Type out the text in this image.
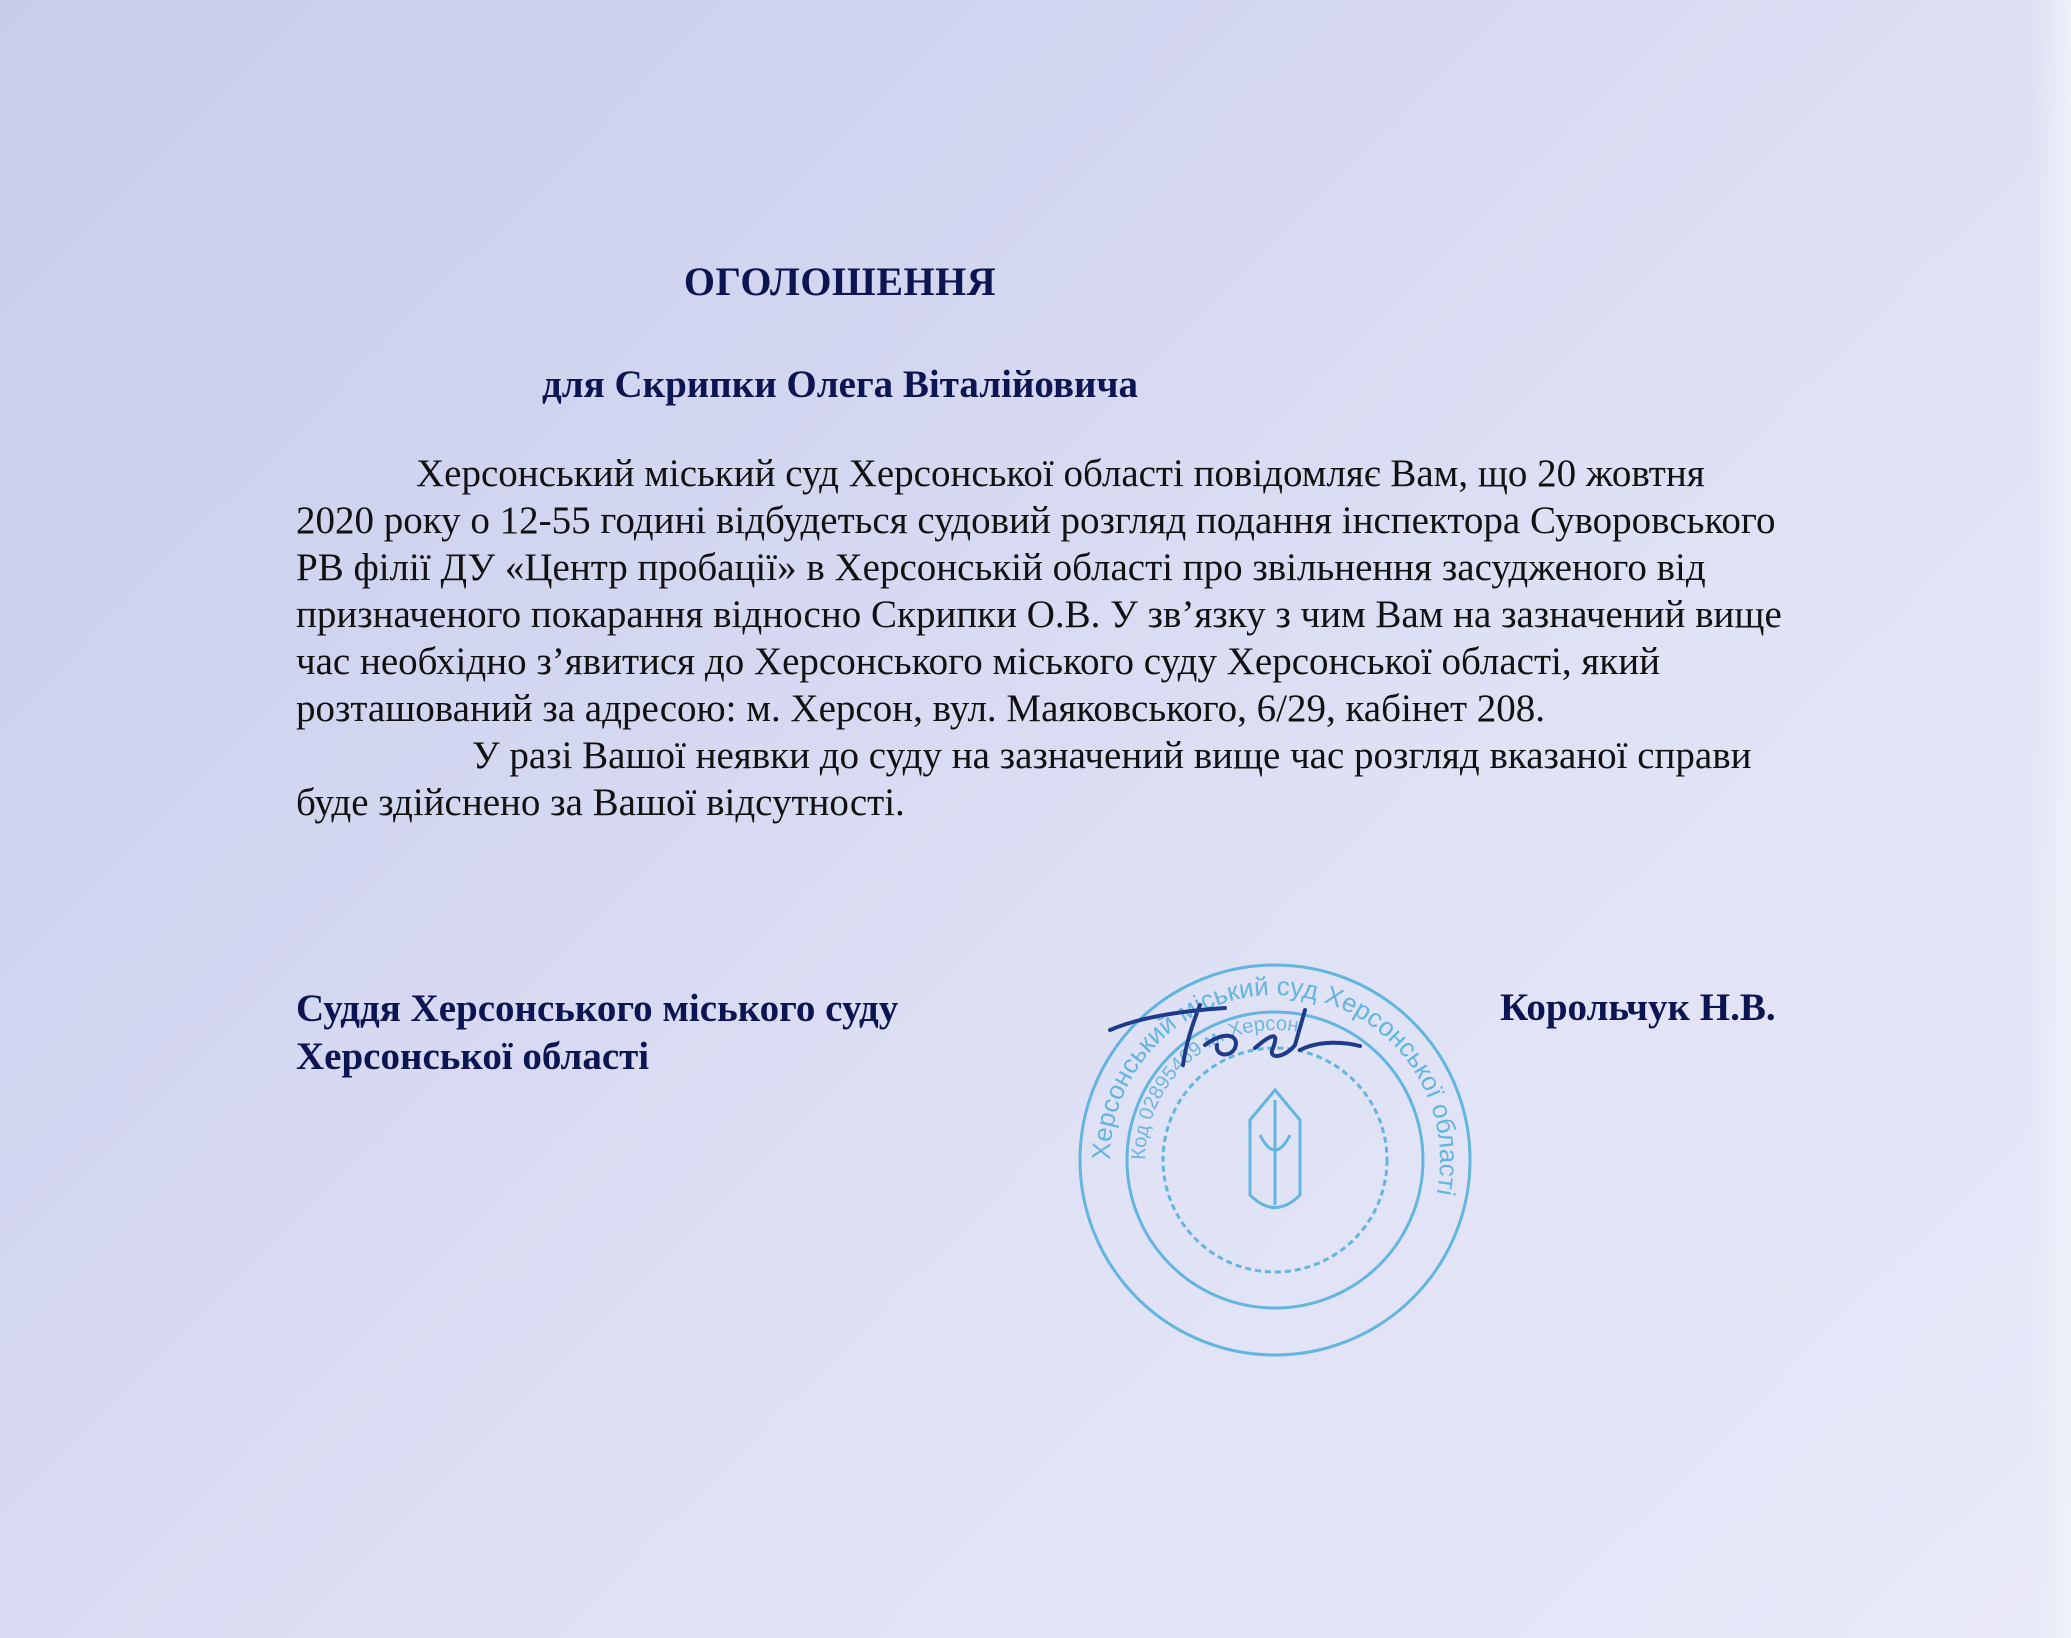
ОГОЛОШЕННЯ
для Скрипки Олега Віталійовича

Херсонський міський суд Херсонської області повідомляє Вам, що 20 жовтня

2020 року о 12-55 годині відбудеться судовий розгляд подання інспектора Суворовського

РВ філії ДУ «Центр пробації» в Херсонській області про звільнення засудженого від

призначеного покарання відносно Скрипки О.В. У зв’язку з чим Вам на зазначений вище

час необхідно з’явитися до Херсонського міського суду Херсонської області, який

розташований за адресою: м. Херсон, вул. Маяковського, 6/29, кабінет 208.

У разі Вашої неявки до суду на зазначений вище час розгляд вказаної справи

буде здійснено за Вашої відсутності.

Суддя Херсонського міського суду
Херсонської області
Корольчук Н.В.
Херсонський міський суд Херсонської області
Код 02895469 м. Херсон
